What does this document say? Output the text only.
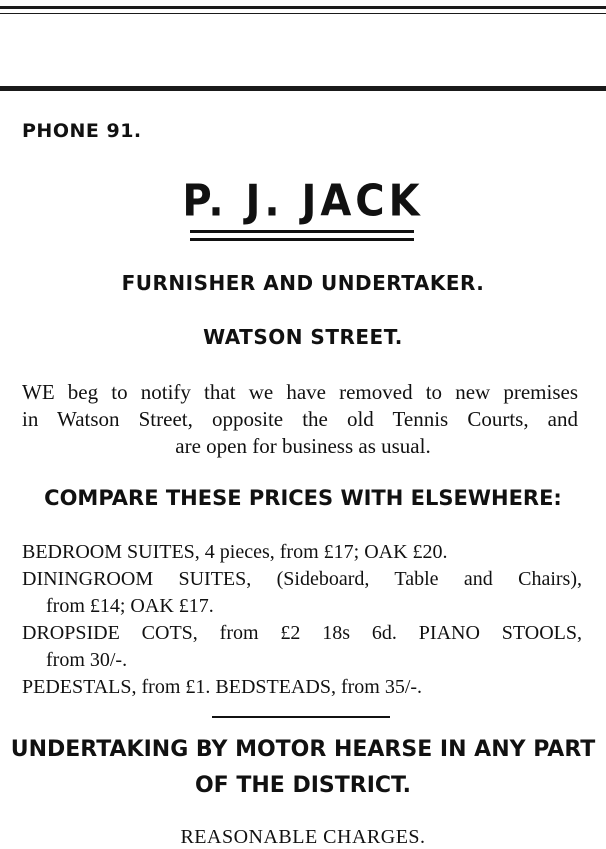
PHONE 91.
P. J. JACK
FURNISHER AND UNDERTAKER.
WATSON STREET.
WE beg to notify that we have removed to new premises
in Watson Street, opposite the old Tennis Courts, and
are open for business as usual.
COMPARE THESE PRICES WITH ELSEWHERE:
BEDROOM SUITES, 4 pieces, from £17; OAK £20.
DININGROOM SUITES, (Sideboard, Table and Chairs),
from £14; OAK £17.
DROPSIDE COTS, from £2 18s 6d. PIANO STOOLS,
from 30/-.
PEDESTALS, from £1. BEDSTEADS, from 35/-.
UNDERTAKING BY MOTOR HEARSE IN ANY PART
OF THE DISTRICT.
REASONABLE CHARGES.
